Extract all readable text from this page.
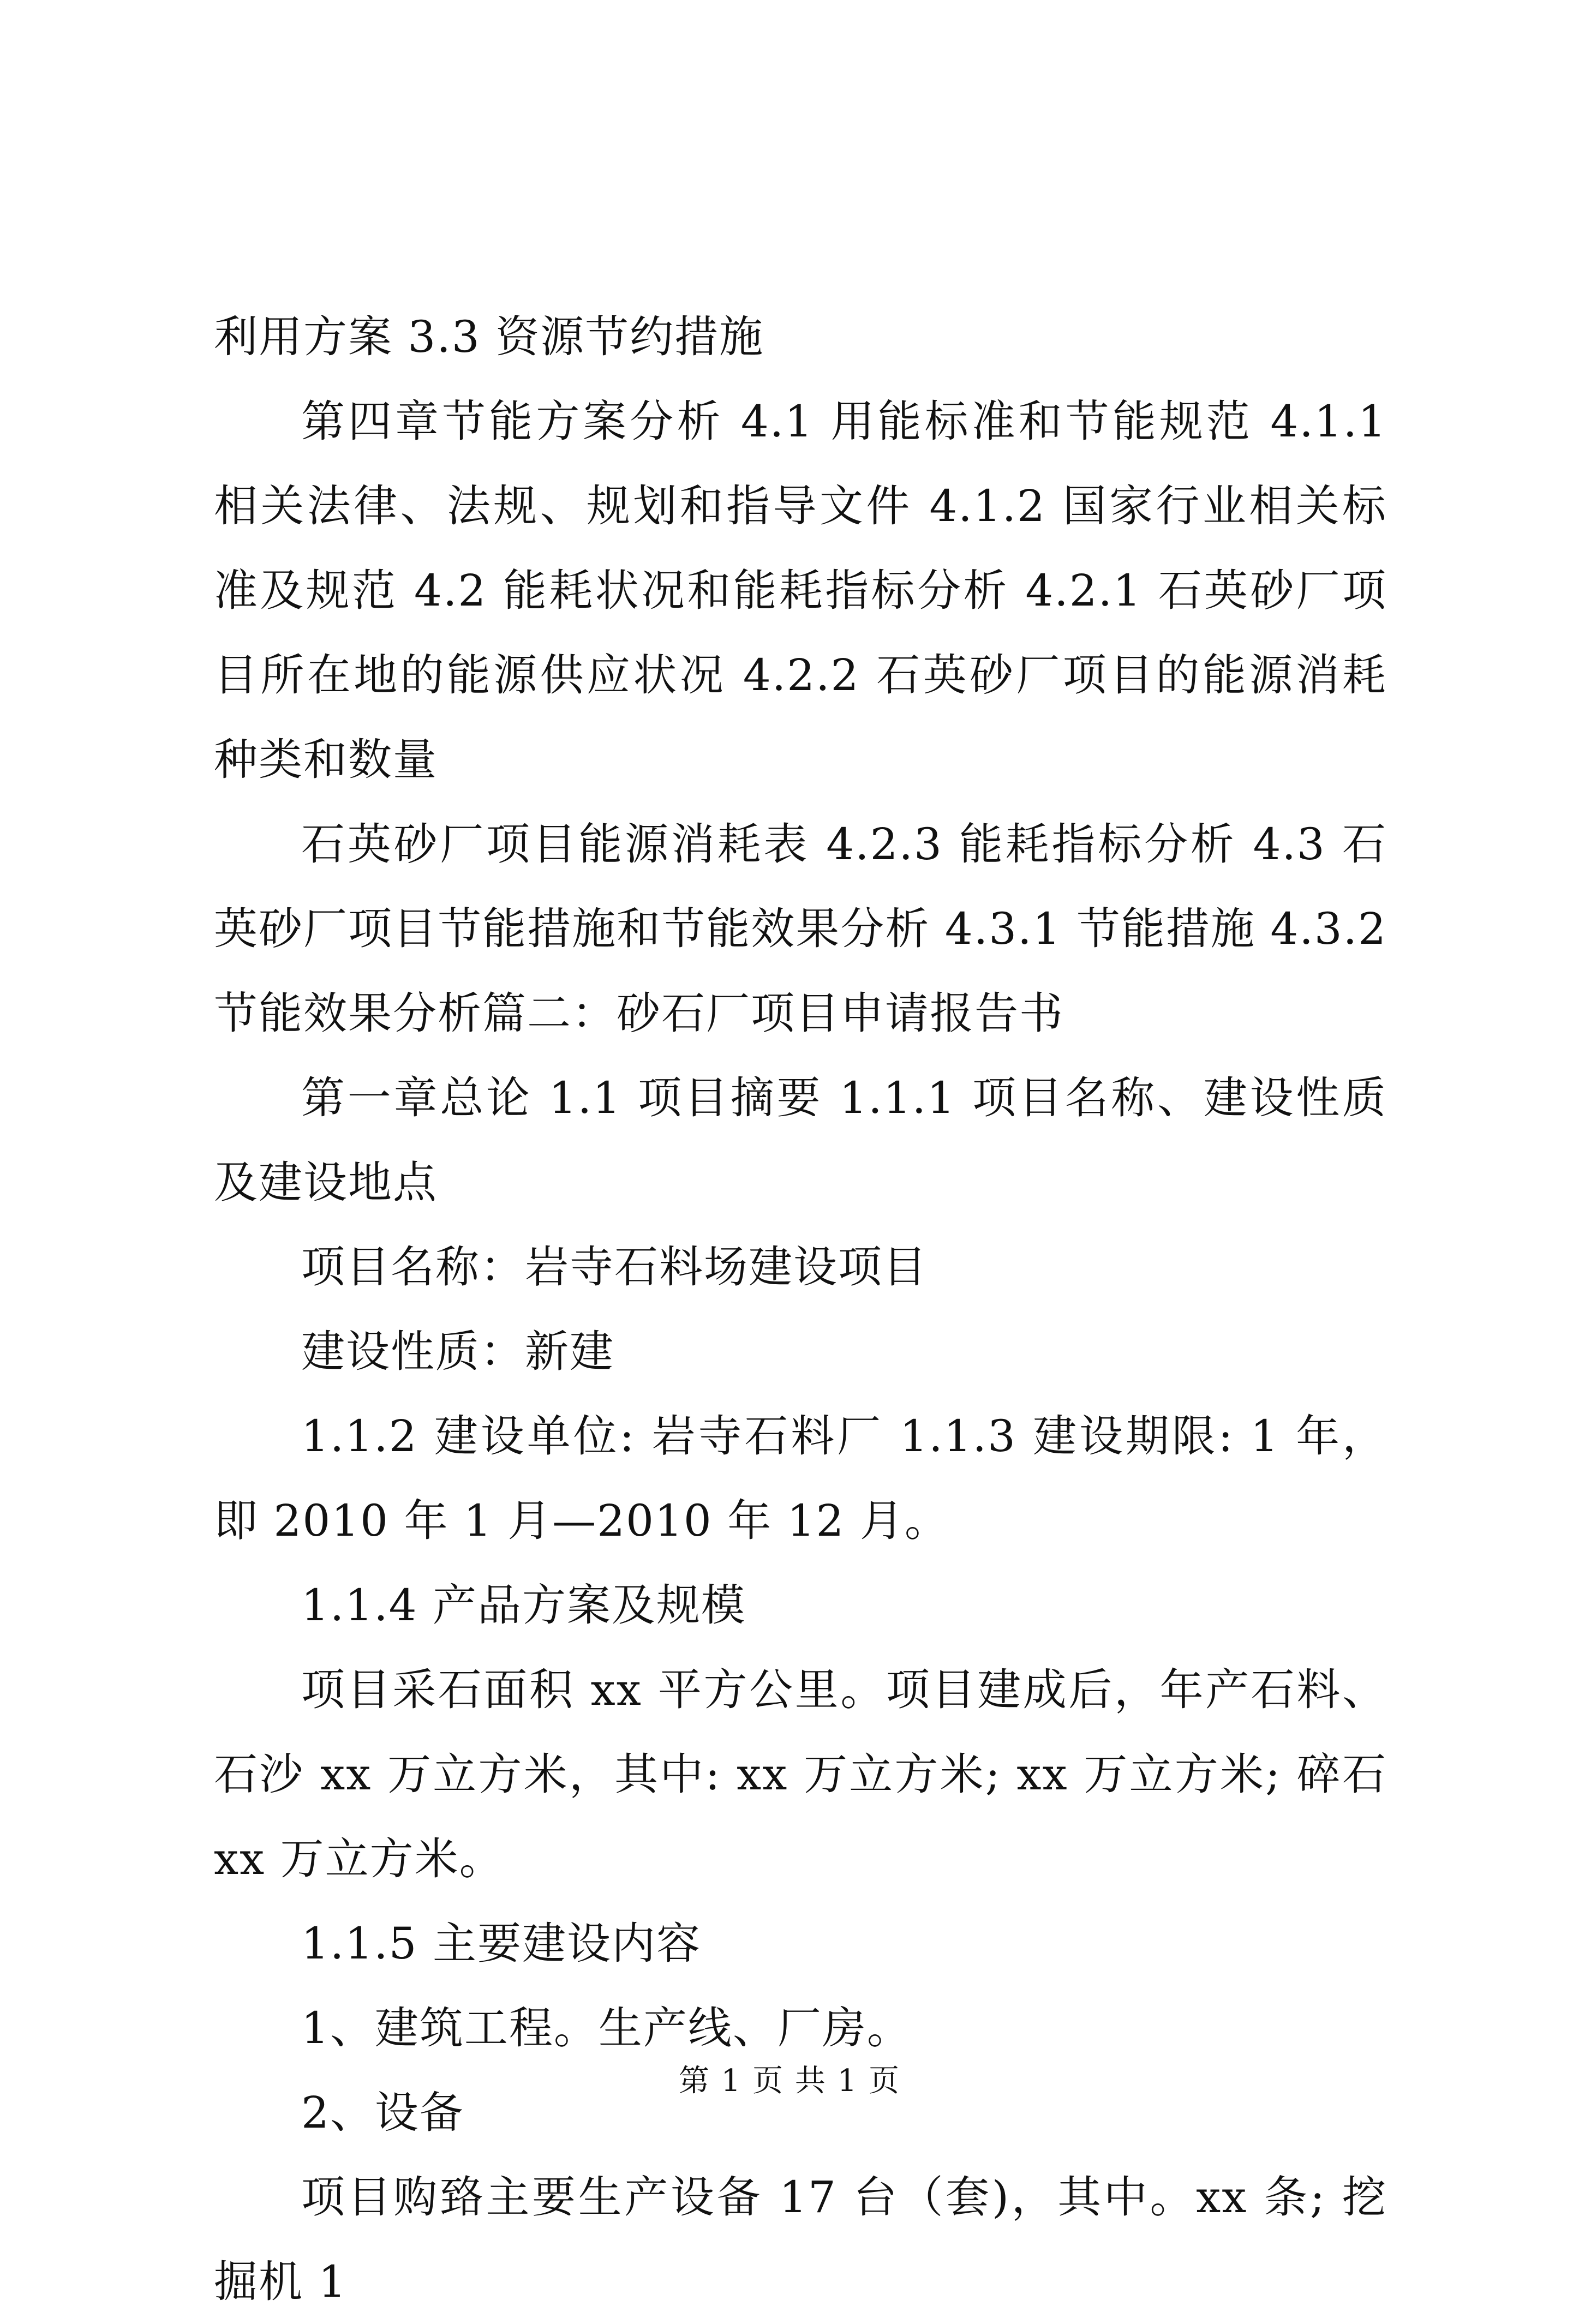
利用方案 3.3 资源节约措施

第四章节能方案分析 4.1 用能标准和节能规范 4.1.1 相关法律、法规、规划和指导文件 4.1.2 国家行业相关标准及规范 4.2 能耗状况和能耗指标分析 4.2.1 石英砂厂项目所在地的能源供应状况 4.2.2 石英砂厂项目的能源消耗种类和数量

石英砂厂项目能源消耗表 4.2.3 能耗指标分析 4.3 石英砂厂项目节能措施和节能效果分析 4.3.1 节能措施 4.3.2 节能效果分析篇二：砂石厂项目申请报告书

第一章总论 1.1 项目摘要 1.1.1 项目名称、建设性质及建设地点

项目名称：岩寺石料场建设项目

建设性质：新建

1.1.2 建设单位: 岩寺石料厂 1.1.3 建设期限: 1 年，即 2010 年 1 月—2010 年 12 月。

1.1.4 产品方案及规模

项目采石面积 xx 平方公里。项目建成后，年产石料、石沙 xx 万立方米，其中: xx 万立方米; xx 万立方米; 碎石 xx 万立方米。

1.1.5 主要建设内容

1、建筑工程。生产线、厂房。

2、设备

项目购臵主要生产设备 17 台（套)，其中。xx 条; 挖掘机 1

第 1 页 共 1 页
